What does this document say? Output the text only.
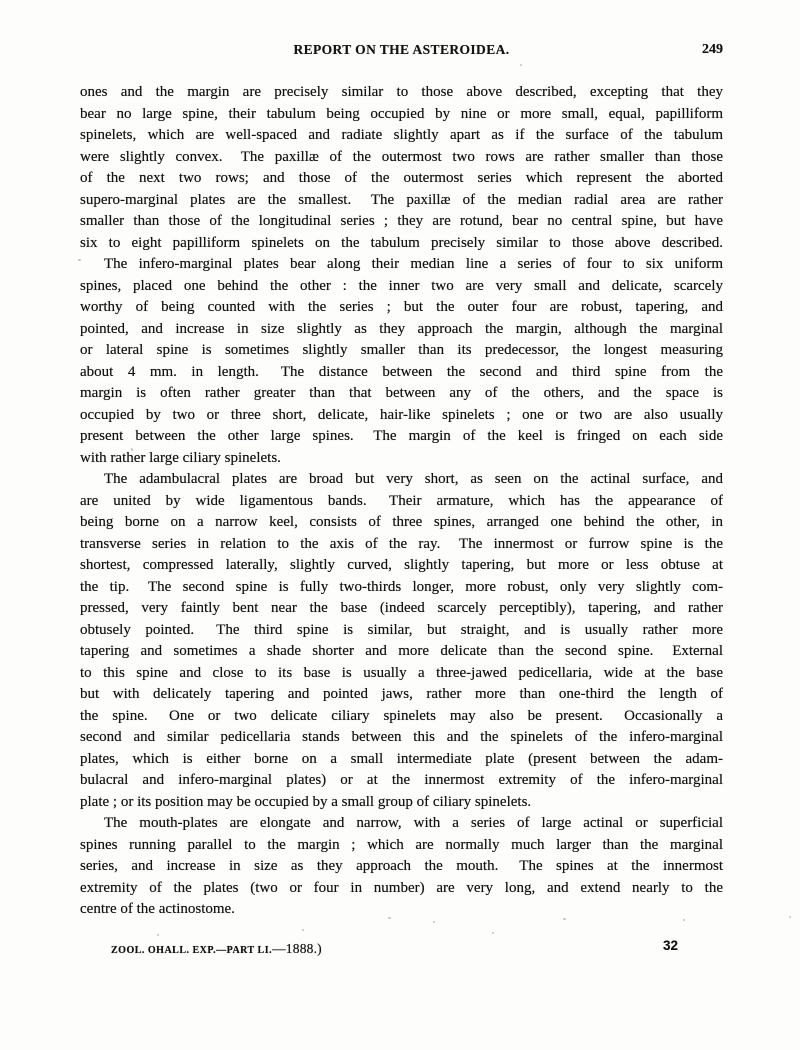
REPORT ON THE ASTEROIDEA.	249
ones and the margin are precisely similar to those above described, excepting that they
bear no large spine, their tabulum being occupied by nine or more small, equal, papilliform
spinelets, which are well-spaced and radiate slightly apart as if the surface of the tabulum
were slightly convex.  The paxillæ of the outermost two rows are rather smaller than those
of the next two rows; and those of the outermost series which represent the aborted
supero-marginal plates are the smallest.  The paxillæ of the median radial area are rather
smaller than those of the longitudinal series ; they are rotund, bear no central spine, but have
six to eight papilliform spinelets on the tabulum precisely similar to those above described.
The infero-marginal plates bear along their median line a series of four to six uniform
spines, placed one behind the other : the inner two are very small and delicate, scarcely
worthy of being counted with the series ; but the outer four are robust, tapering, and
pointed, and increase in size slightly as they approach the margin, although the marginal
or lateral spine is sometimes slightly smaller than its predecessor, the longest measuring
about 4 mm. in length.  The distance between the second and third spine from the
margin is often rather greater than that between any of the others, and the space is
occupied by two or three short, delicate, hair-like spinelets ; one or two are also usually
present between the other large spines.  The margin of the keel is fringed on each side
with rather large ciliary spinelets.
The adambulacral plates are broad but very short, as seen on the actinal surface, and
are united by wide ligamentous bands.  Their armature, which has the appearance of
being borne on a narrow keel, consists of three spines, arranged one behind the other, in
transverse series in relation to the axis of the ray.  The innermost or furrow spine is the
shortest, compressed laterally, slightly curved, slightly tapering, but more or less obtuse at
the tip.  The second spine is fully two-thirds longer, more robust, only very slightly com-
pressed, very faintly bent near the base (indeed scarcely perceptibly), tapering, and rather
obtusely pointed.  The third spine is similar, but straight, and is usually rather more
tapering and sometimes a shade shorter and more delicate than the second spine.  External
to this spine and close to its base is usually a three-jawed pedicellaria, wide at the base
but with delicately tapering and pointed jaws, rather more than one-third the length of
the spine.  One or two delicate ciliary spinelets may also be present.  Occasionally a
second and similar pedicellaria stands between this and the spinelets of the infero-marginal
plates, which is either borne on a small intermediate plate (present between the adam-
bulacral and infero-marginal plates) or at the innermost extremity of the infero-marginal
plate ; or its position may be occupied by a small group of ciliary spinelets.
The mouth-plates are elongate and narrow, with a series of large actinal or superficial
spines running parallel to the margin ; which are normally much larger than the marginal
series, and increase in size as they approach the mouth.  The spines at the innermost
extremity of the plates (two or four in number) are very long, and extend nearly to the
centre of the actinostome.
ZOOL. OHALL. EXP.—PART LI.—1888.)	32
